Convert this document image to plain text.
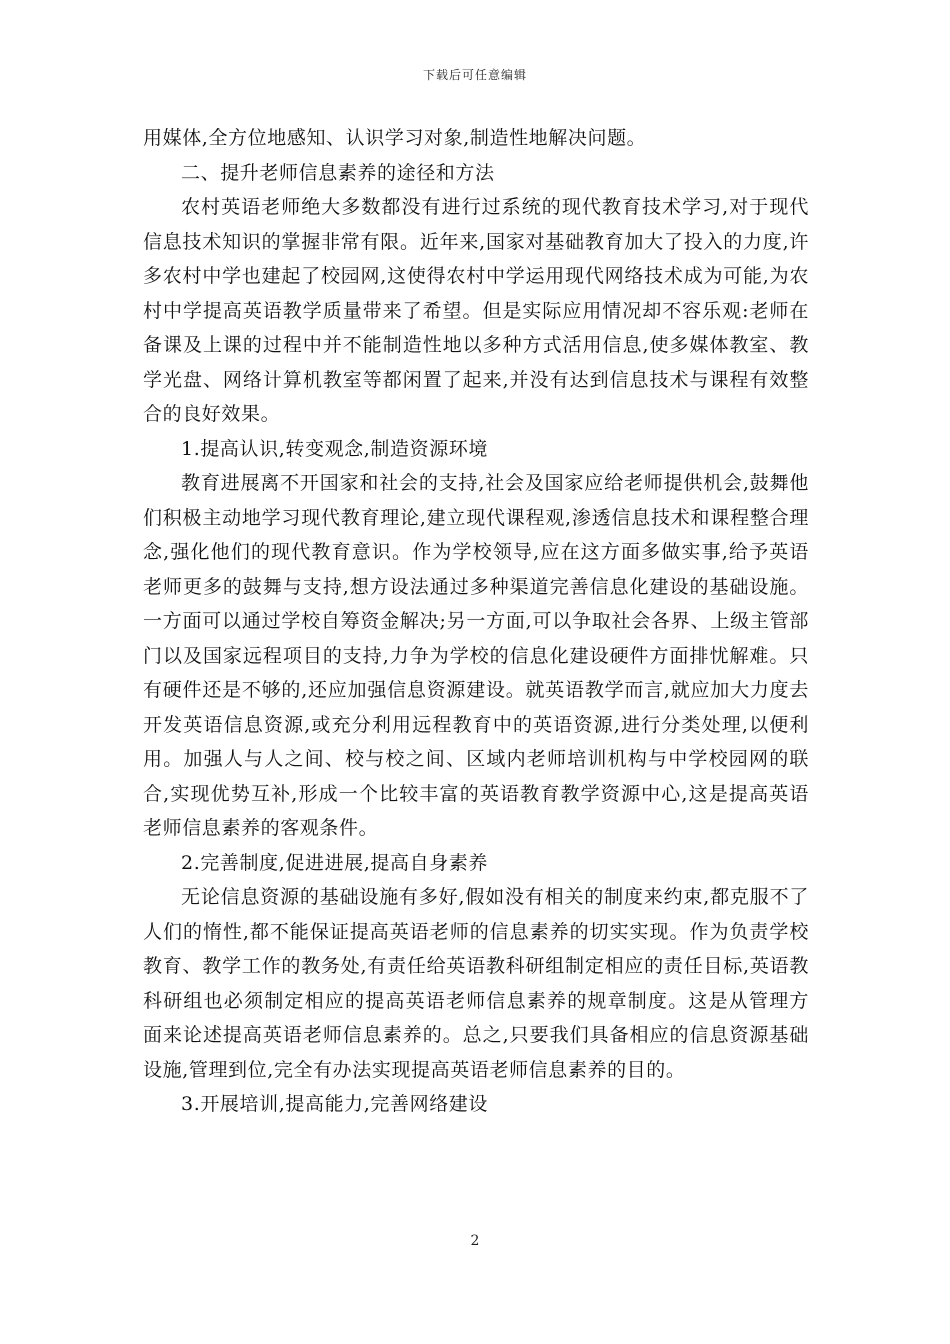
下载后可任意编辑

用媒体,全方位地感知、认识学习对象,制造性地解决问题。

二、提升老师信息素养的途径和方法

农村英语老师绝大多数都没有进行过系统的现代教育技术学习,对于现代信息技术知识的掌握非常有限。近年来,国家对基础教育加大了投入的力度,许多农村中学也建起了校园网,这使得农村中学运用现代网络技术成为可能,为农村中学提高英语教学质量带来了希望。但是实际应用情况却不容乐观:老师在备课及上课的过程中并不能制造性地以多种方式活用信息,使多媒体教室、教学光盘、网络计算机教室等都闲置了起来,并没有达到信息技术与课程有效整合的良好效果。

1.提高认识,转变观念,制造资源环境

教育进展离不开国家和社会的支持,社会及国家应给老师提供机会,鼓舞他们积极主动地学习现代教育理论,建立现代课程观,渗透信息技术和课程整合理念,强化他们的现代教育意识。作为学校领导,应在这方面多做实事,给予英语老师更多的鼓舞与支持,想方设法通过多种渠道完善信息化建设的基础设施。一方面可以通过学校自筹资金解决;另一方面,可以争取社会各界、上级主管部门以及国家远程项目的支持,力争为学校的信息化建设硬件方面排忧解难。只有硬件还是不够的,还应加强信息资源建设。就英语教学而言,就应加大力度去开发英语信息资源,或充分利用远程教育中的英语资源,进行分类处理,以便利用。加强人与人之间、校与校之间、区域内老师培训机构与中学校园网的联合,实现优势互补,形成一个比较丰富的英语教育教学资源中心,这是提高英语老师信息素养的客观条件。

2.完善制度,促进进展,提高自身素养

无论信息资源的基础设施有多好,假如没有相关的制度来约束,都克服不了人们的惰性,都不能保证提高英语老师的信息素养的切实实现。作为负责学校教育、教学工作的教务处,有责任给英语教科研组制定相应的责任目标,英语教科研组也必须制定相应的提高英语老师信息素养的规章制度。这是从管理方面来论述提高英语老师信息素养的。总之,只要我们具备相应的信息资源基础设施,管理到位,完全有办法实现提高英语老师信息素养的目的。

3.开展培训,提高能力,完善网络建设

2
